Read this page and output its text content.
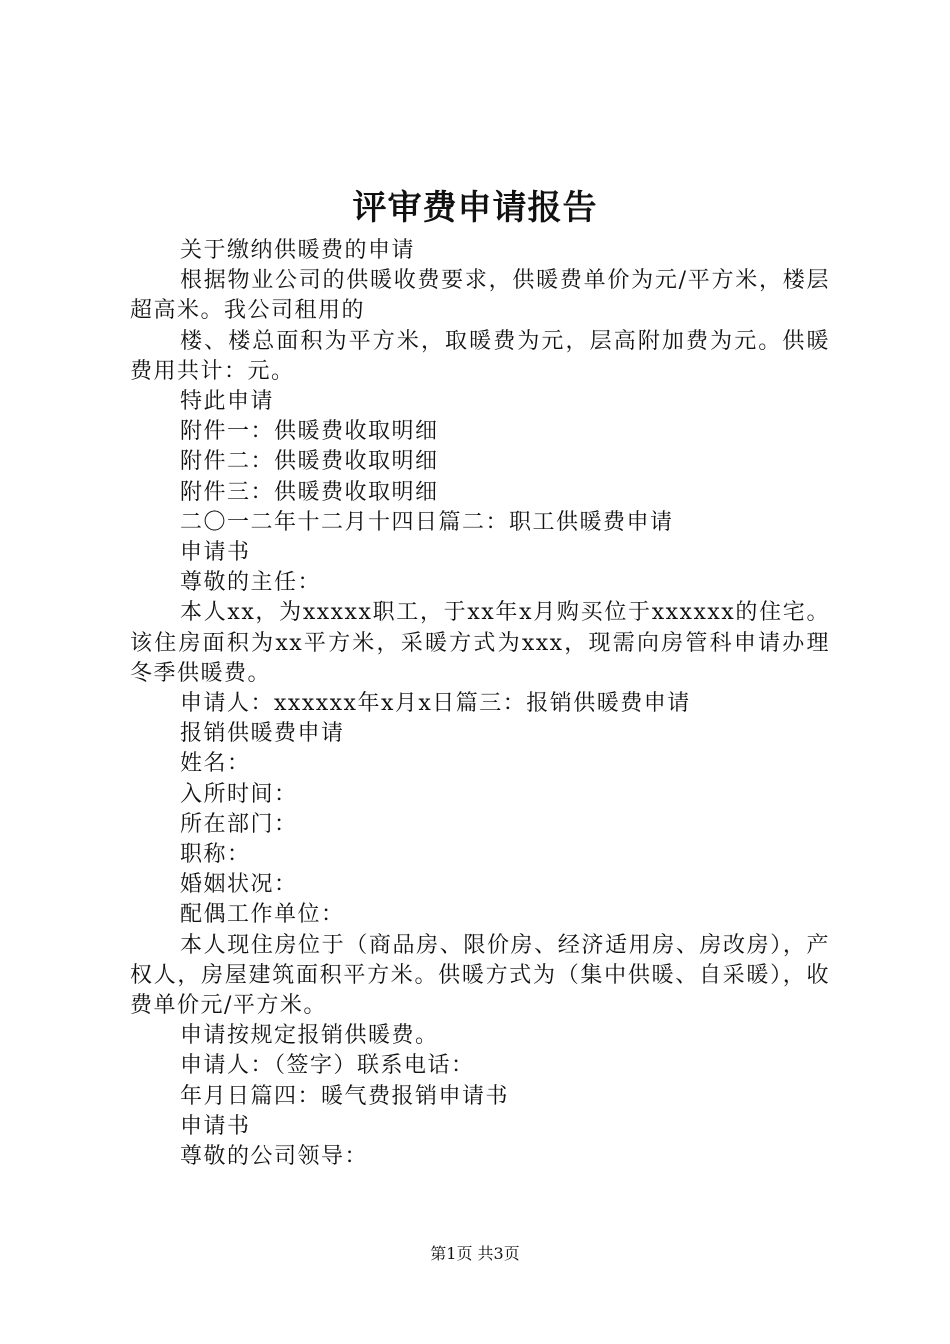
评审费申请报告

关于缴纳供暖费的申请

根据物业公司的供暖收费要求，供暖费单价为元/平方米，楼层超高米。我公司租用的

楼、楼总面积为平方米，取暖费为元，层高附加费为元。供暖费用共计：元。

特此申请

附件一：供暖费收取明细

附件二：供暖费收取明细

附件三：供暖费收取明细

二〇一二年十二月十四日篇二：职工供暖费申请

申请书

尊敬的主任：

本人xx，为xxxxx职工，于xx年x月购买位于xxxxxx的住宅。该住房面积为xx平方米，采暖方式为xxx，现需向房管科申请办理冬季供暖费。

申请人：xxxxxx年x月x日篇三：报销供暖费申请

报销供暖费申请

姓名：

入所时间：

所在部门：

职称：

婚姻状况：

配偶工作单位：

本人现住房位于（商品房、限价房、经济适用房、房改房），产权人，房屋建筑面积平方米。供暖方式为（集中供暖、自采暖），收费单价元/平方米。

申请按规定报销供暖费。

申请人：（签字）联系电话：

年月日篇四：暖气费报销申请书

申请书

尊敬的公司领导：

第1页 共3页
